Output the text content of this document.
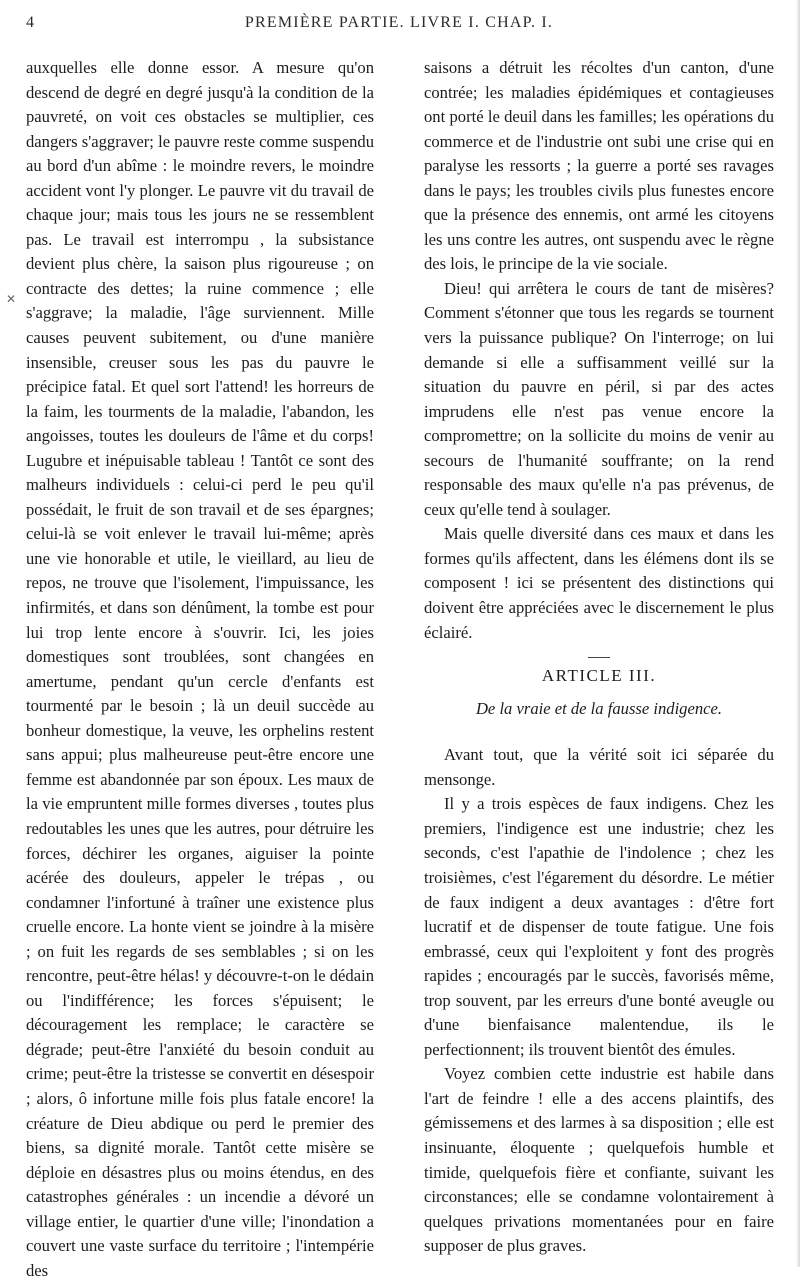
4	PREMIÈRE PARTIE. LIVRE I. CHAP. I.
✕

auxquelles elle donne essor. A mesure qu'on descend de degré en degré jusqu'à la condition de la pauvreté, on voit ces obstacles se multiplier, ces dangers s'aggraver; le pauvre reste comme suspendu au bord d'un abîme : le moindre revers, le moindre accident vont l'y plonger. Le pauvre vit du travail de chaque jour; mais tous les jours ne se ressemblent pas. Le travail est interrompu , la subsistance devient plus chère, la saison plus rigoureuse ; on contracte des dettes; la ruine commence ; elle s'aggrave; la maladie, l'âge surviennent. Mille causes peuvent subitement, ou d'une manière insensible, creuser sous les pas du pauvre le précipice fatal. Et quel sort l'attend! les horreurs de la faim, les tourments de la maladie, l'abandon, les angoisses, toutes les douleurs de l'âme et du corps! Lugubre et inépuisable tableau ! Tantôt ce sont des malheurs individuels : celui-ci perd le peu qu'il possédait, le fruit de son travail et de ses épargnes; celui-là se voit enlever le travail lui-même; après une vie honorable et utile, le vieillard, au lieu de repos, ne trouve que l'isolement, l'impuissance, les infirmités, et dans son dénûment, la tombe est pour lui trop lente encore à s'ouvrir. Ici, les joies domestiques sont troublées, sont changées en amertume, pendant qu'un cercle d'enfants est tourmenté par le besoin ; là un deuil succède au bonheur domestique, la veuve, les orphelins restent sans appui; plus malheureuse peut-être encore une femme est abandonnée par son époux. Les maux de la vie empruntent mille formes diverses , toutes plus redoutables les unes que les autres, pour détruire les forces, déchirer les organes, aiguiser la pointe acérée des douleurs, appeler le trépas , ou condamner l'infortuné à traîner une existence plus cruelle encore. La honte vient se joindre à la misère ; on fuit les regards de ses semblables ; si on les rencontre, peut-être hélas! y découvre-t-on le dédain ou l'indifférence; les forces s'épuisent; le découragement les remplace; le caractère se dégrade; peut-être l'anxiété du besoin conduit au crime; peut-être la tristesse se convertit en désespoir ; alors, ô infortune mille fois plus fatale encore! la créature de Dieu abdique ou perd le premier des biens, sa dignité morale. Tantôt cette misère se déploie en désastres plus ou moins étendus, en des catastrophes générales : un incendie a dévoré un village entier, le quartier d'une ville; l'inondation a couvert une vaste surface du territoire ; l'intempérie des

saisons a détruit les récoltes d'un canton, d'une contrée; les maladies épidémiques et contagieuses ont porté le deuil dans les familles; les opérations du commerce et de l'industrie ont subi une crise qui en paralyse les ressorts ; la guerre a porté ses ravages dans le pays; les troubles civils plus funestes encore que la présence des ennemis, ont armé les citoyens les uns contre les autres, ont suspendu avec le règne des lois, le principe de la vie sociale.

Dieu! qui arrêtera le cours de tant de misères? Comment s'étonner que tous les regards se tournent vers la puissance publique? On l'interroge; on lui demande si elle a suffisamment veillé sur la situation du pauvre en péril, si par des actes imprudens elle n'est pas venue encore la compromettre; on la sollicite du moins de venir au secours de l'humanité souffrante; on la rend responsable des maux qu'elle n'a pas prévenus, de ceux qu'elle tend à soulager.

Mais quelle diversité dans ces maux et dans les formes qu'ils affectent, dans les élémens dont ils se composent ! ici se présentent des distinctions qui doivent être appréciées avec le discernement le plus éclairé.

ARTICLE III.
De la vraie et de la fausse indigence.

Avant tout, que la vérité soit ici séparée du mensonge.

Il y a trois espèces de faux indigens. Chez les premiers, l'indigence est une industrie; chez les seconds, c'est l'apathie de l'indolence ; chez les troisièmes, c'est l'égarement du désordre. Le métier de faux indigent a deux avantages : d'être fort lucratif et de dispenser de toute fatigue. Une fois embrassé, ceux qui l'exploitent y font des progrès rapides ; encouragés par le succès, favorisés même, trop souvent, par les erreurs d'une bonté aveugle ou d'une bienfaisance malentendue, ils le perfectionnent; ils trouvent bientôt des émules.

Voyez combien cette industrie est habile dans l'art de feindre ! elle a des accens plaintifs, des gémissemens et des larmes à sa disposition ; elle est insinuante, éloquente ; quelquefois humble et timide, quelquefois fière et confiante, suivant les circonstances; elle se condamne volontairement à quelques privations momentanées pour en faire supposer de plus graves.
